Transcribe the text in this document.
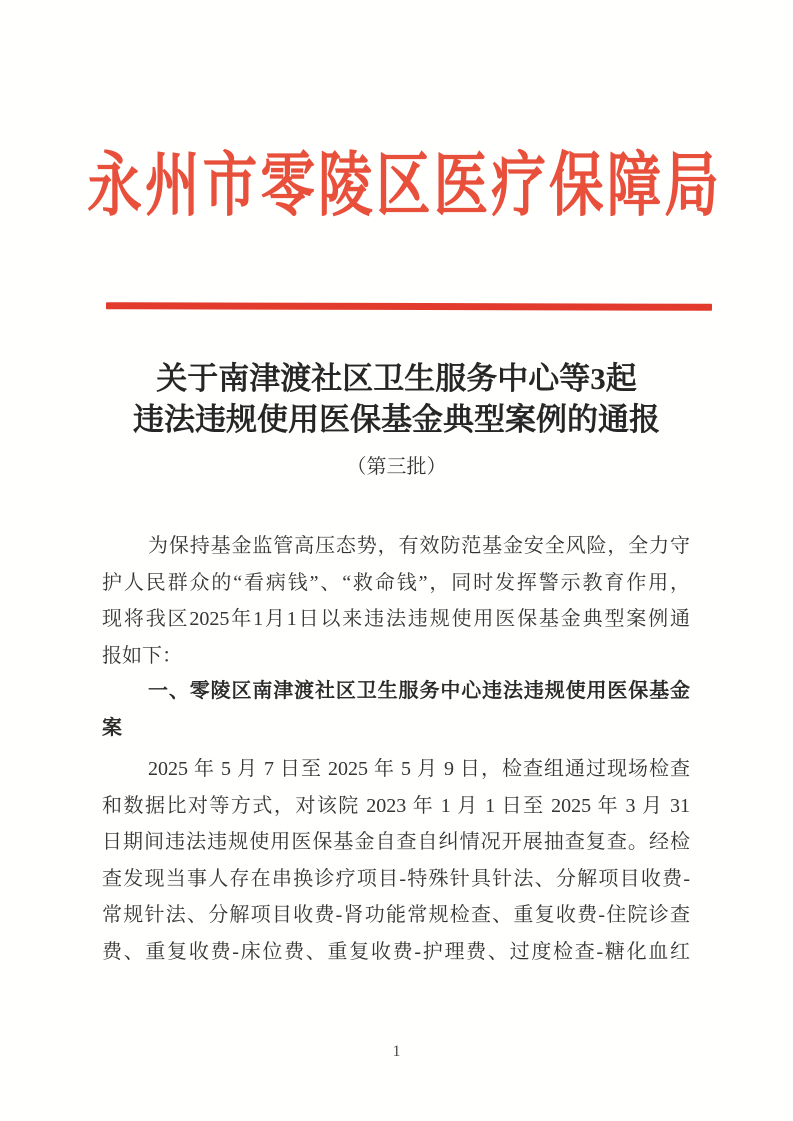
永州市零陵区医疗保障局
关于南津渡社区卫生服务中心等3起
违法违规使用医保基金典型案例的通报
（第三批）
为保持基金监管高压态势，有效防范基金安全风险，全力守
护人民群众的“看病钱”、“救命钱”，同时发挥警示教育作用，
现将我区2025年1月1日以来违法违规使用医保基金典型案例通
报如下：
一、零陵区南津渡社区卫生服务中心违法违规使用医保基金
案
2025 年 5 月 7 日至 2025 年 5 月 9 日，检查组通过现场检查
和数据比对等方式，对该院 2023 年 1 月 1 日至 2025 年 3 月 31
日期间违法违规使用医保基金自查自纠情况开展抽查复查。经检
查发现当事人存在串换诊疗项目-特殊针具针法、分解项目收费-
常规针法、分解项目收费-肾功能常规检查、重复收费-住院诊查
费、重复收费-床位费、重复收费-护理费、过度检查-糖化血红
1
